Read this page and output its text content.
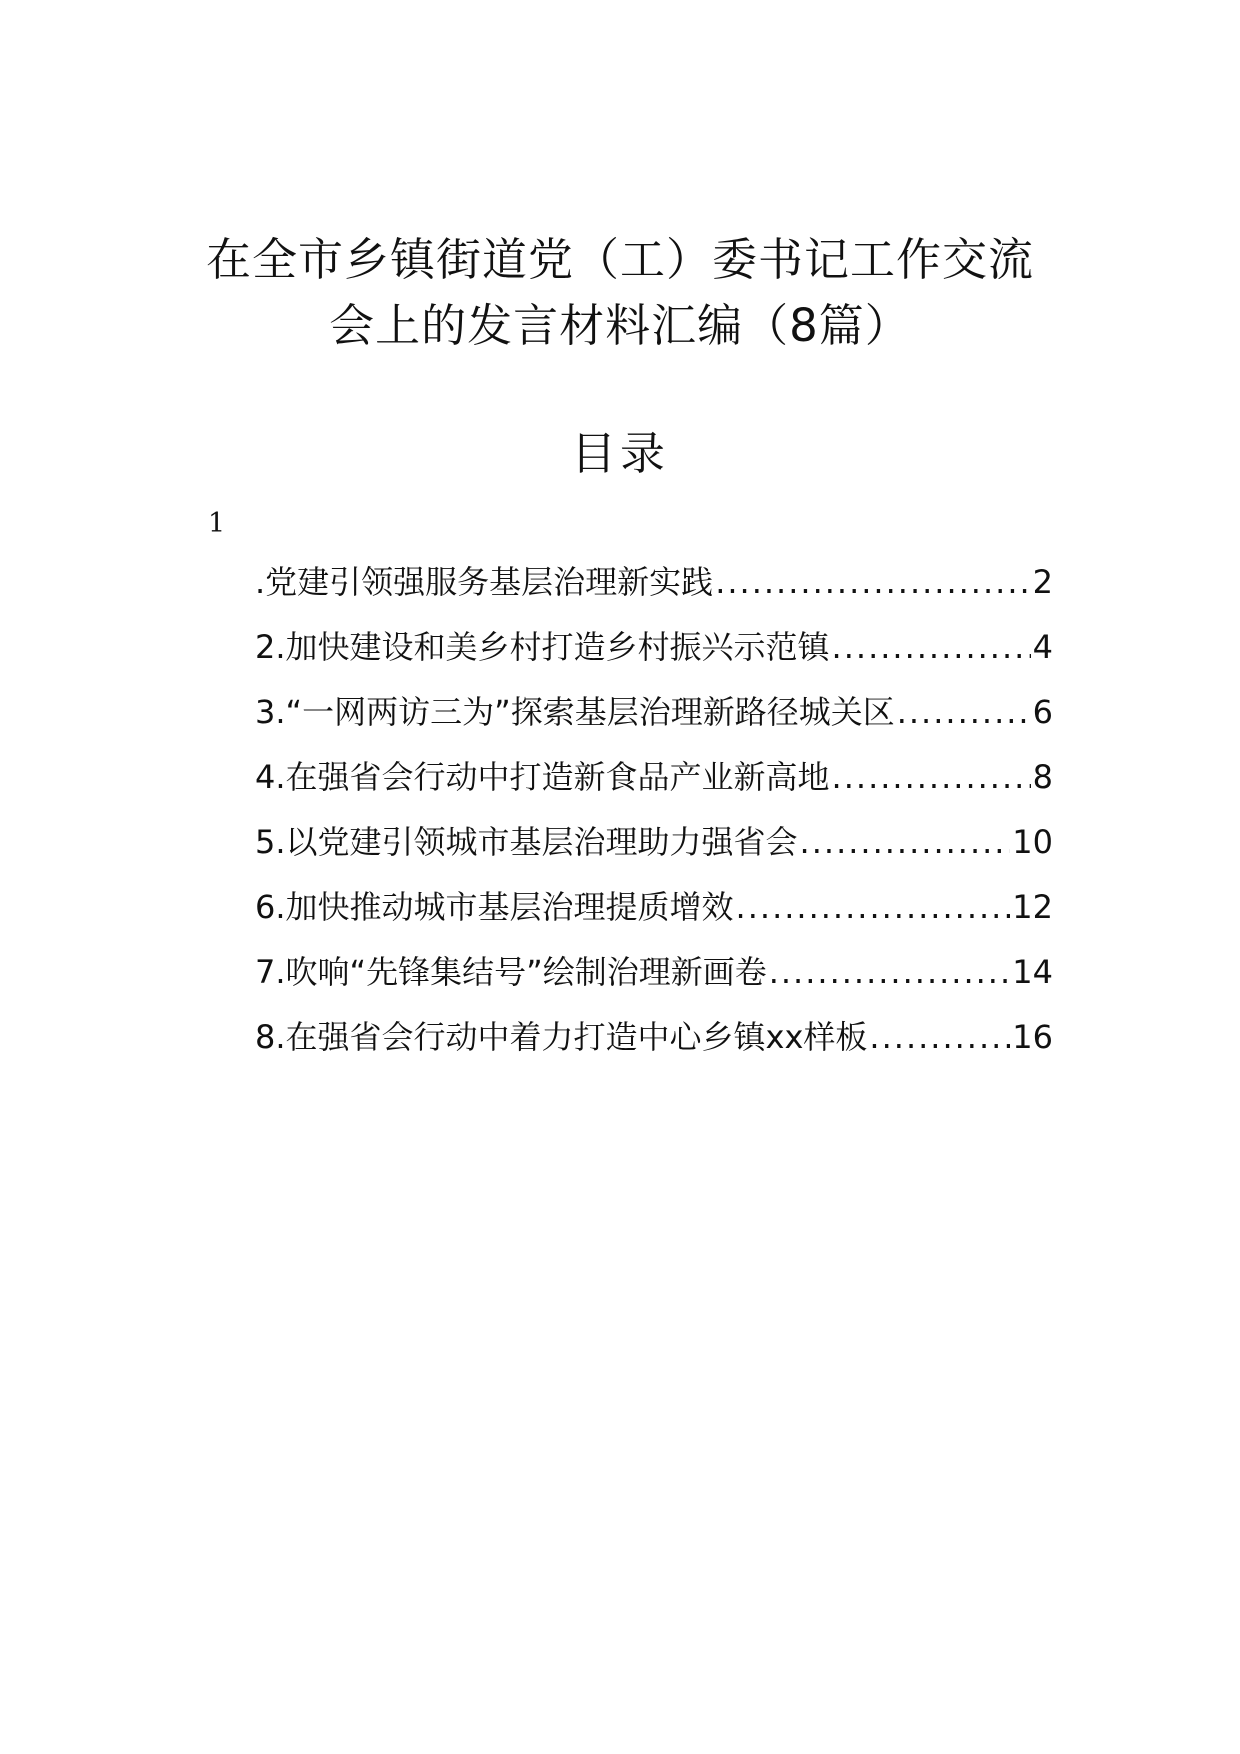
在全市乡镇街道党（工）委书记工作交流
会上的发言材料汇编（8篇）
目录
1
.党建引领强服务基层治理新实践 .....	2
2.加快建设和美乡村打造乡村振兴示范镇 .....	4
3.“一网两访三为”探索基层治理新路径城关区 .....	6
4.在强省会行动中打造新食品产业新高地 .....	8
5.以党建引领城市基层治理助力强省会 .....	10
6.加快推动城市基层治理提质增效 .....	12
7.吹响“先锋集结号”绘制治理新画卷 .....	14
8.在强省会行动中着力打造中心乡镇xx样板 .....	16
